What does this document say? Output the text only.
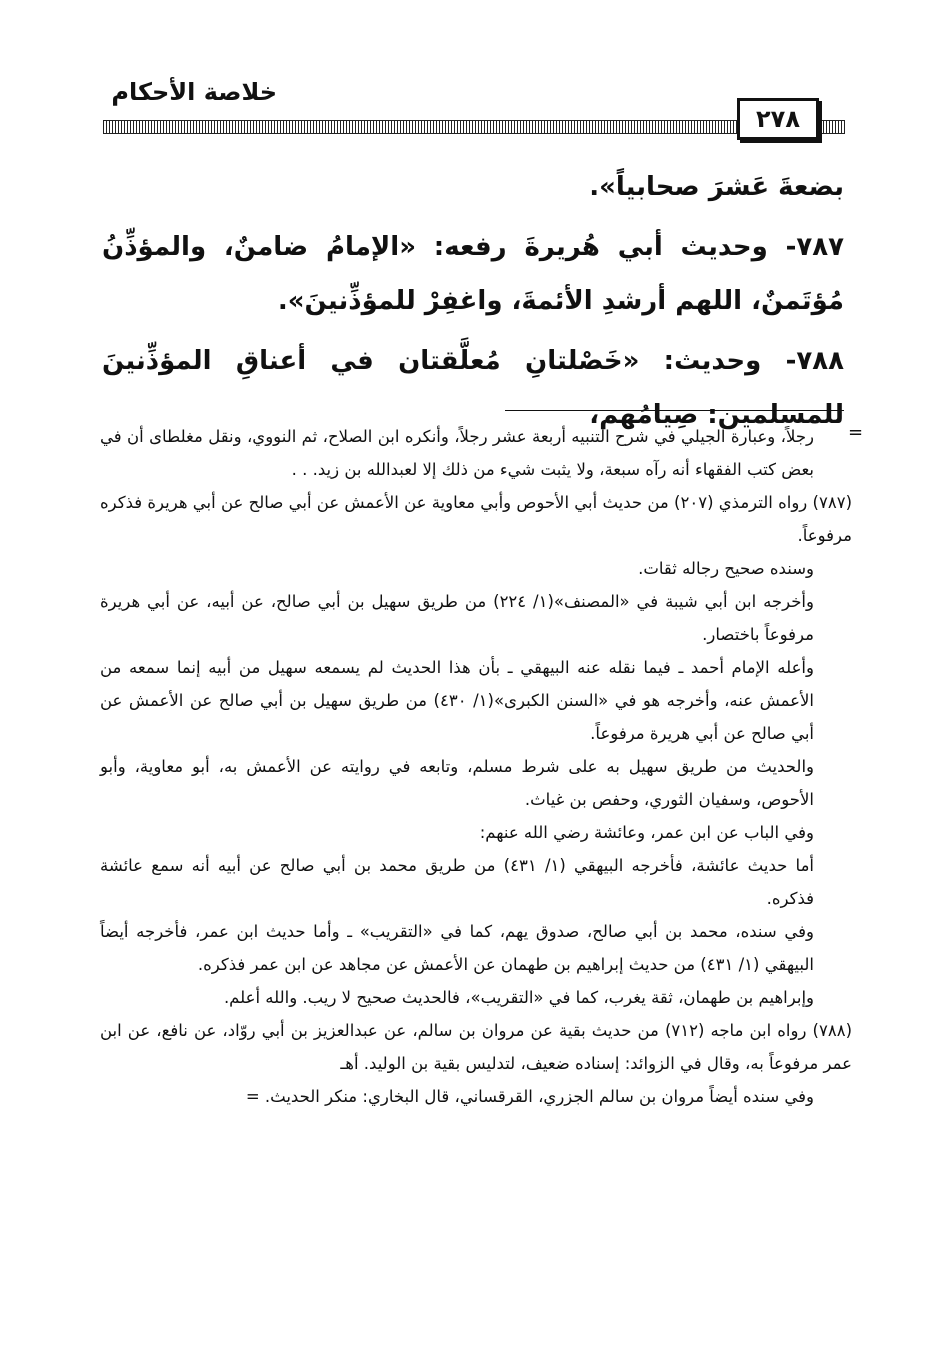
خلاصة الأحكام
٢٧٨

بضعةَ عَشرَ صحابياً».

٧٨٧- وحديث أبي هُريرةَ رفعه: «الإمامُ ضامنٌ، والمؤذِّنُ مُؤتَمنٌ، اللهم أرشدِ الأئمةَ، واغفِرْ للمؤذِّنينَ».

٧٨٨- وحديث: «خَصْلتانِ مُعلَّقتان في أعناقِ المؤذِّنينَ للمسلمين: صِيامُهم،

=

رجلاً، وعبارة الجيلي في شرح التنبيه أربعة عشر رجلاً، وأنكره ابن الصلاح، ثم النووي، ونقل مغلطاى أن في بعض كتب الفقهاء أنه رآه سبعة، ولا يثبت شيء من ذلك إلا لعبدالله بن زيد. . .

(٧٨٧) رواه الترمذي (٢٠٧) من حديث أبي الأحوص وأبي معاوية عن الأعمش عن أبي صالح عن أبي هريرة فذكره مرفوعاً.

وسنده صحيح رجاله ثقات.

وأخرجه ابن أبي شيبة في «المصنف»(١/ ٢٢٤) من طريق سهيل بن أبي صالح، عن أبيه، عن أبي هريرة مرفوعاً باختصار.

وأعله الإمام أحمد ـ فيما نقله عنه البيهقي ـ بأن هذا الحديث لم يسمعه سهيل من أبيه إنما سمعه من الأعمش عنه، وأخرجه هو في «السنن الكبرى»(١/ ٤٣٠) من طريق سهيل بن أبي صالح عن الأعمش عن أبي صالح عن أبي هريرة مرفوعاً.

والحديث من طريق سهيل به على شرط مسلم، وتابعه في روايته عن الأعمش به، أبو معاوية، وأبو الأحوص، وسفيان الثوري، وحفص بن غياث.

وفي الباب عن ابن عمر، وعائشة رضي الله عنهم:

أما حديث عائشة، فأخرجه البيهقي (١/ ٤٣١) من طريق محمد بن أبي صالح عن أبيه أنه سمع عائشة فذكره.

وفي سنده، محمد بن أبي صالح، صدوق يهم، كما في «التقريب» ـ وأما حديث ابن عمر، فأخرجه أيضاً البيهقي (١/ ٤٣١) من حديث إبراهيم بن طهمان عن الأعمش عن مجاهد عن ابن عمر فذكره.

وإبراهيم بن طهمان، ثقة يغرب، كما في «التقريب»، فالحديث صحيح لا ريب. والله أعلم.

(٧٨٨) رواه ابن ماجه (٧١٢) من حديث بقية عن مروان بن سالم، عن عبدالعزيز بن أبي روّاد، عن نافع، عن ابن عمر مرفوعاً به، وقال في الزوائد: إسناده ضعيف، لتدليس بقية بن الوليد. أهـ

وفي سنده أيضاً مروان بن سالم الجزري، القرقساني، قال البخاري: منكر الحديث. =
